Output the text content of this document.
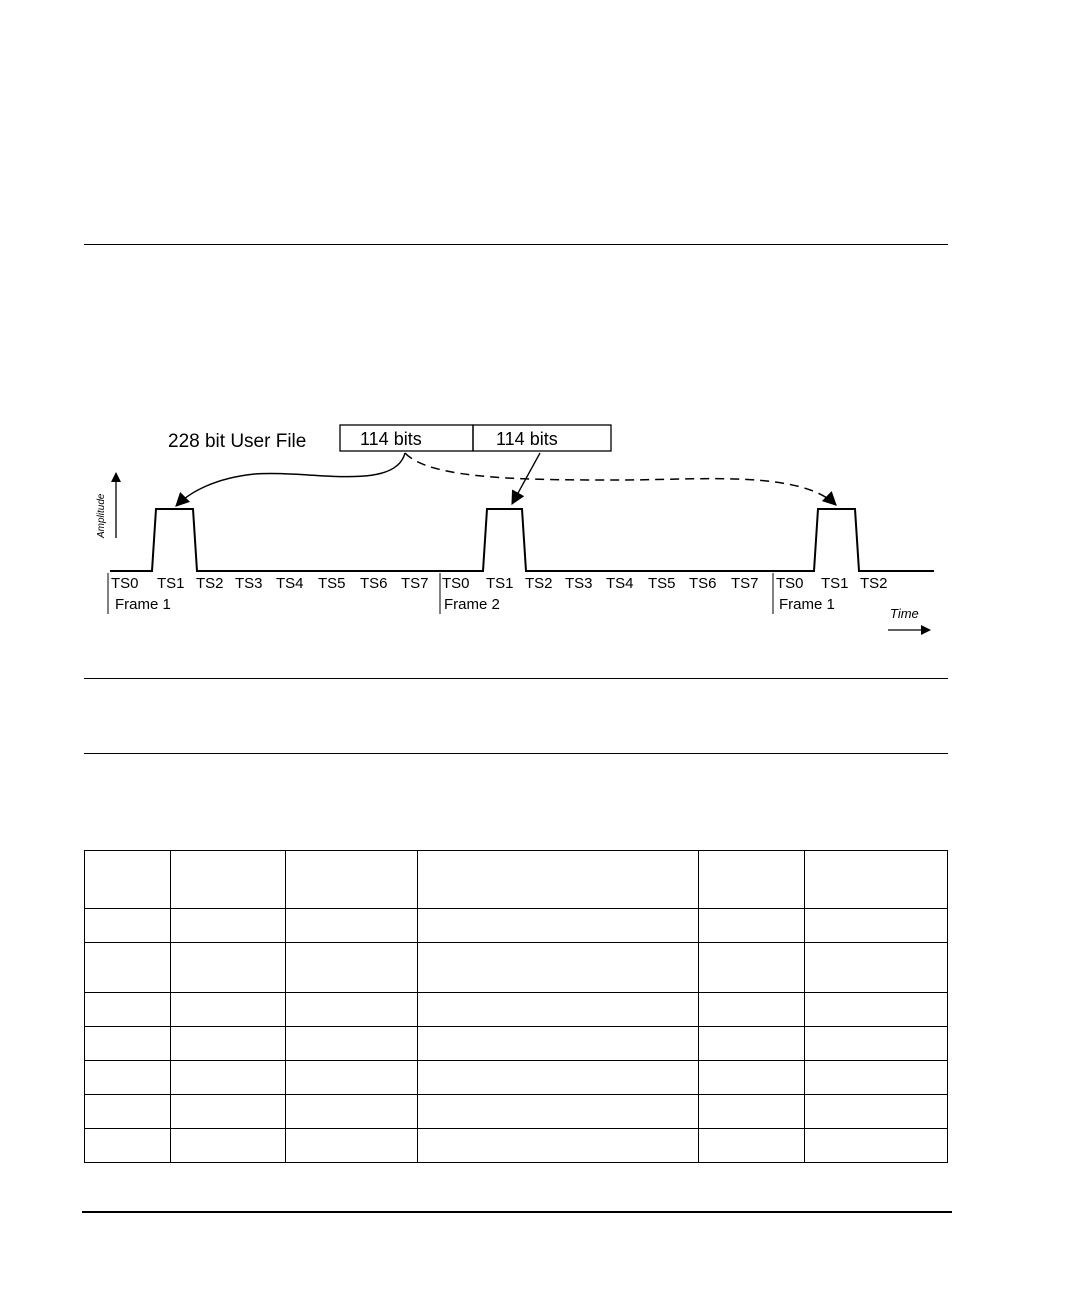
228 bit User File	114 bits	114 bits
Amplitude
TS0 TS1 TS2 TS3 TS4 TS5 TS6 TS7 TS0 TS1 TS2 TS3 TS4 TS5 TS6 TS7 TS0 TS1 TS2
Frame 1	Frame 2	Frame 1
Time
